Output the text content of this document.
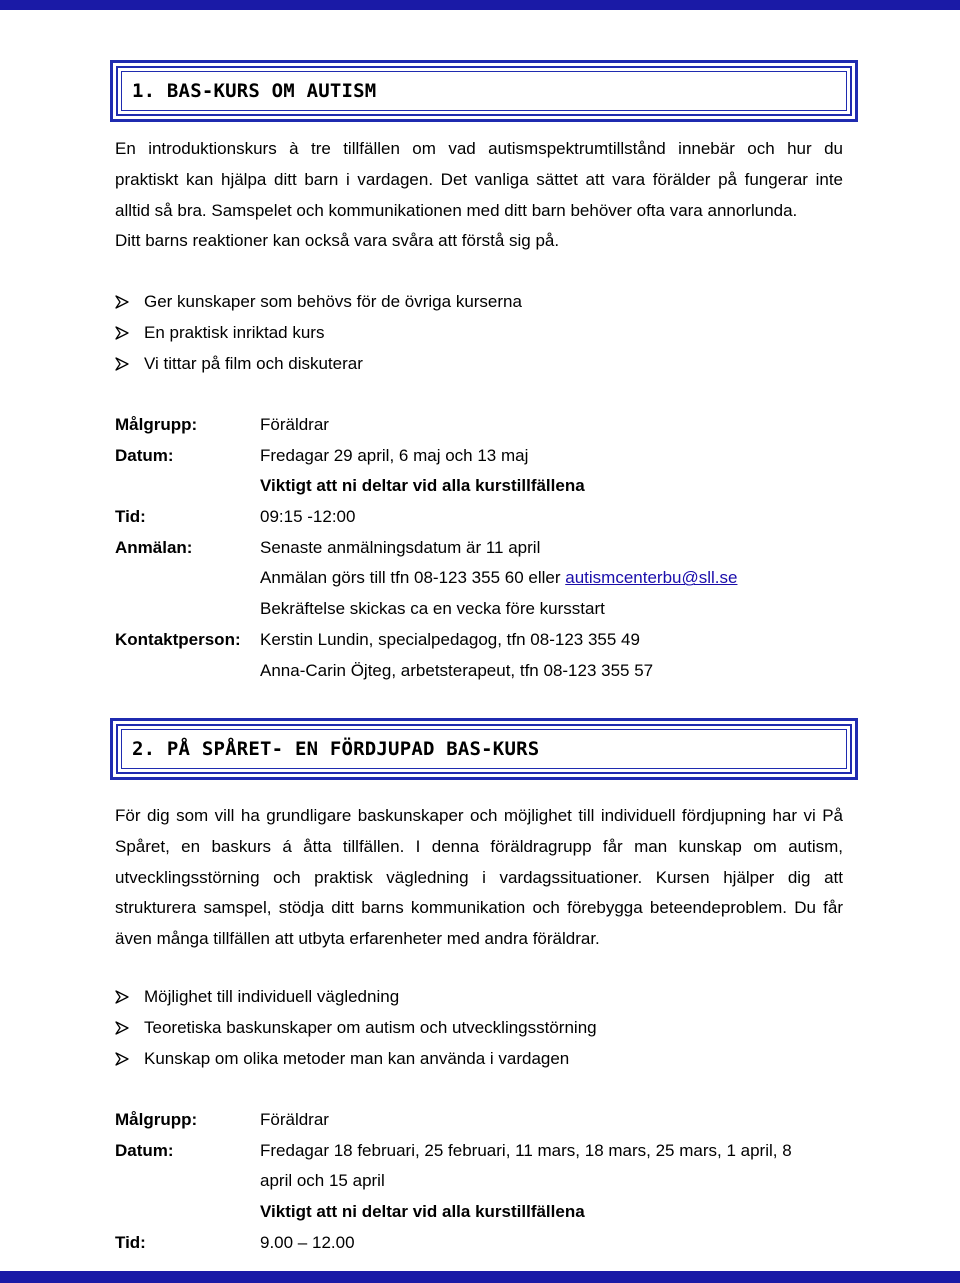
1. BAS-KURS OM AUTISM
En introduktionskurs à tre tillfällen om vad autismspektrumtillstånd innebär och hur du
praktiskt kan hjälpa ditt barn i vardagen. Det vanliga sättet att vara förälder på fungerar inte
alltid så bra. Samspelet och kommunikationen med ditt barn behöver ofta vara annorlunda.
Ditt barns reaktioner kan också vara svåra att förstå sig på.
Ger kunskaper som behövs för de övriga kurserna
En praktisk inriktad kurs
Vi tittar på film och diskuterar
Målgrupp:	Föräldrar
Datum:	Fredagar 29 april, 6 maj och 13 maj
Viktigt att ni deltar vid alla kurstillfällena
Tid:	09:15 -12:00
Anmälan:	Senaste anmälningsdatum är 11 april
Anmälan görs till tfn 08-123 355 60 eller autismcenterbu@sll.se
Bekräftelse skickas ca en vecka före kursstart
Kontaktperson: Kerstin Lundin, specialpedagog, tfn 08-123 355 49
Anna-Carin Öjteg, arbetsterapeut, tfn 08-123 355 57
2. PÅ SPÅRET- EN FÖRDJUPAD BAS-KURS
För dig som vill ha grundligare baskunskaper och möjlighet till individuell fördjupning har vi På
Spåret, en baskurs á åtta tillfällen. I denna föräldragrupp får man kunskap om autism,
utvecklingsstörning och praktisk vägledning i vardagssituationer. Kursen hjälper dig att
strukturera samspel, stödja ditt barns kommunikation och förebygga beteendeproblem. Du får
även många tillfällen att utbyta erfarenheter med andra föräldrar.
Möjlighet till individuell vägledning
Teoretiska baskunskaper om autism och utvecklingsstörning
Kunskap om olika metoder man kan använda i vardagen
Målgrupp:	Föräldrar
Datum:	Fredagar 18 februari, 25 februari, 11 mars, 18 mars, 25 mars, 1 april, 8
april och 15 april
Viktigt att ni deltar vid alla kurstillfällena
Tid:	9.00 – 12.00
